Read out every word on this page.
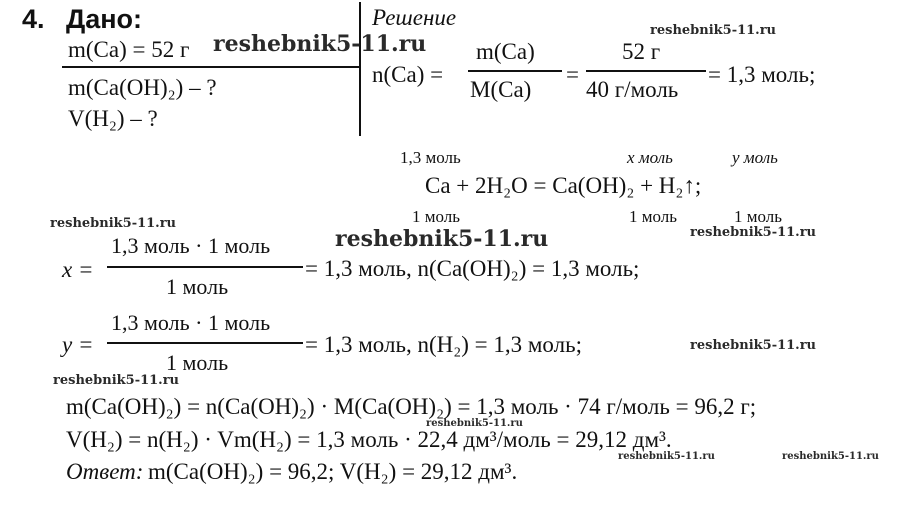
4. Дано:
m(Ca) = 52 г
m(Ca(OH)₂) – ?
V(H₂) – ?
Решение
n(Ca) =
m(Ca)
M(Ca)
=
52 г
40 г/моль
= 1,3 моль;
1,3 моль	x моль	y моль
Ca + 2H₂O = Ca(OH)₂ + H₂↑;
1 моль	1 моль	1 моль
x =
1,3 моль · 1 моль
1 моль
= 1,3 моль, n(Ca(OH)₂) = 1,3 моль;
y =
1,3 моль · 1 моль
1 моль
= 1,3 моль, n(H₂) = 1,3 моль;
m(Ca(OH)₂) = n(Ca(OH)₂) · M(Ca(OH)₂) = 1,3 моль · 74 г/моль = 96,2 г;
V(H₂) = n(H₂) · Vm(H₂) = 1,3 моль · 22,4 дм³/моль = 29,12 дм³.
Ответ: m(Ca(OH)₂) = 96,2; V(H₂) = 29,12 дм³.
reshebnik5-11.ru
reshebnik5-11.ru
reshebnik5-11.ru
reshebnik5-11.ru	reshebnik5-11.ru
reshebnik5-11.ru
reshebnik5-11.ru
reshebnik5-11.ru
reshebnik5-11.ru	reshebnik5-11.ru
